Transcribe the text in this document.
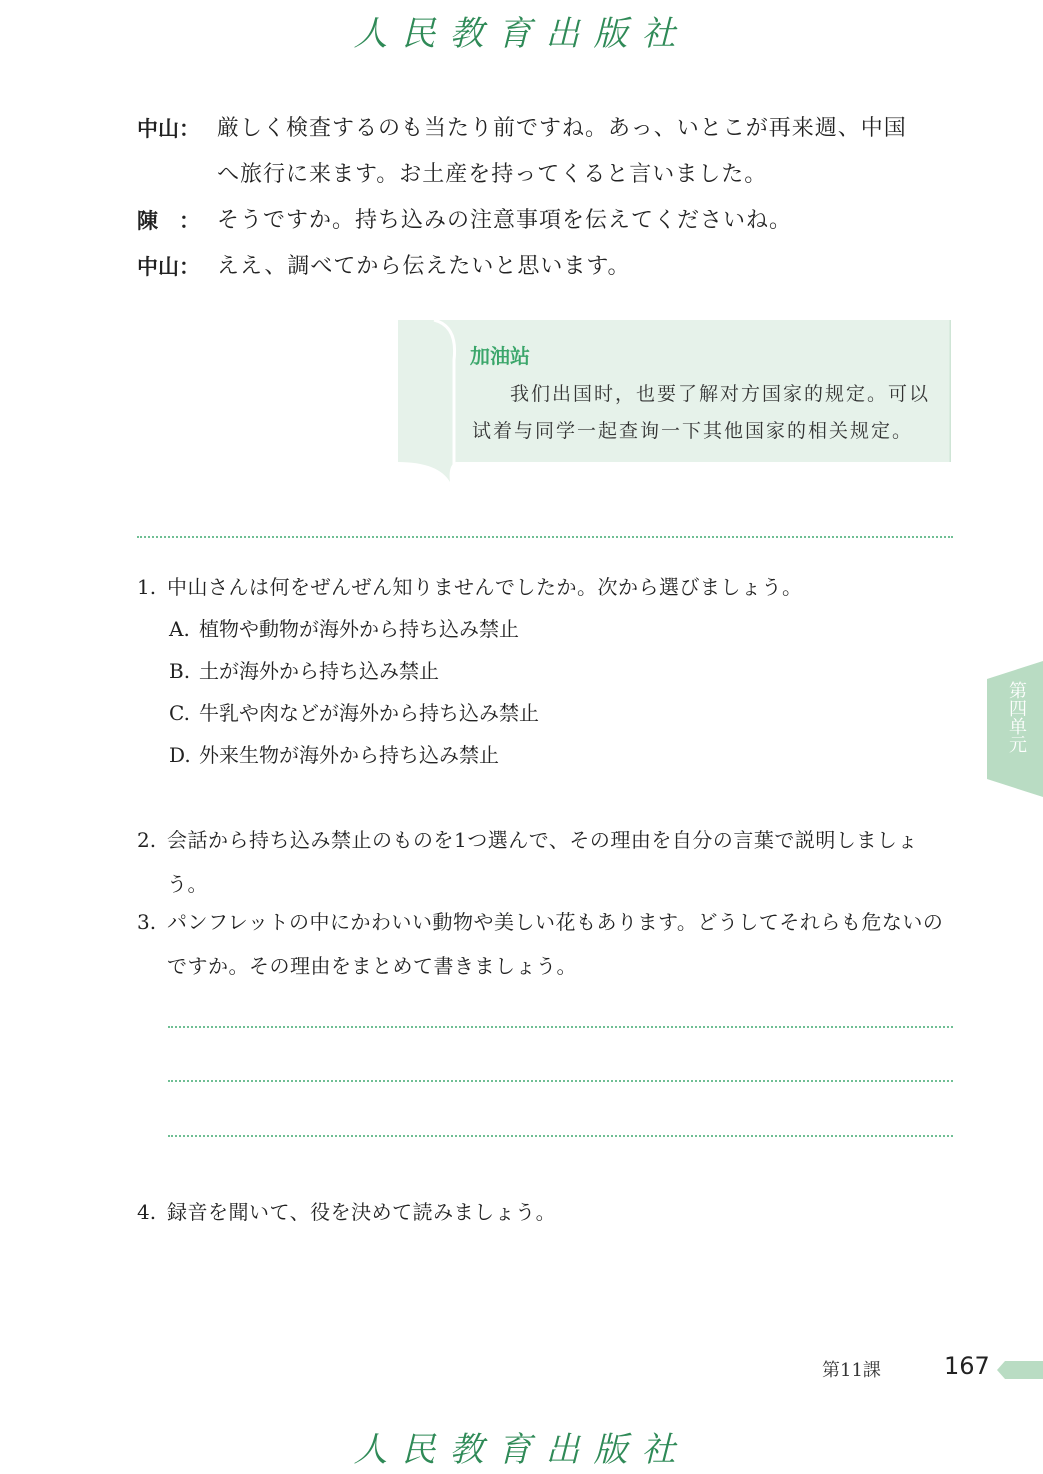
人民教育出版社
中山： 厳しく検査するのも当たり前ですね。あっ、いとこが再来週、中国
へ旅行に来ます。お土産を持ってくると言いました。
陳　： そうですか。持ち込みの注意事項を伝えてくださいね。
中山： ええ、調べてから伝えたいと思います。
加油站
我们出国时，也要了解对方国家的规定。可以试着与同学一起查询一下其他国家的相关规定。
1. 中山さんは何をぜんぜん知りませんでしたか。次から選びましょう。
A. 植物や動物が海外から持ち込み禁止
B. 土が海外から持ち込み禁止
C. 牛乳や肉などが海外から持ち込み禁止
D. 外来生物が海外から持ち込み禁止
2. 会話から持ち込み禁止のものを1つ選んで、その理由を自分の言葉で説明しましょう。
3. パンフレットの中にかわいい動物や美しい花もあります。どうしてそれらも危ないのですか。その理由をまとめて書きましょう。
4. 録音を聞いて、役を決めて読みましょう。
第四单元
第11課	167
人民教育出版社
